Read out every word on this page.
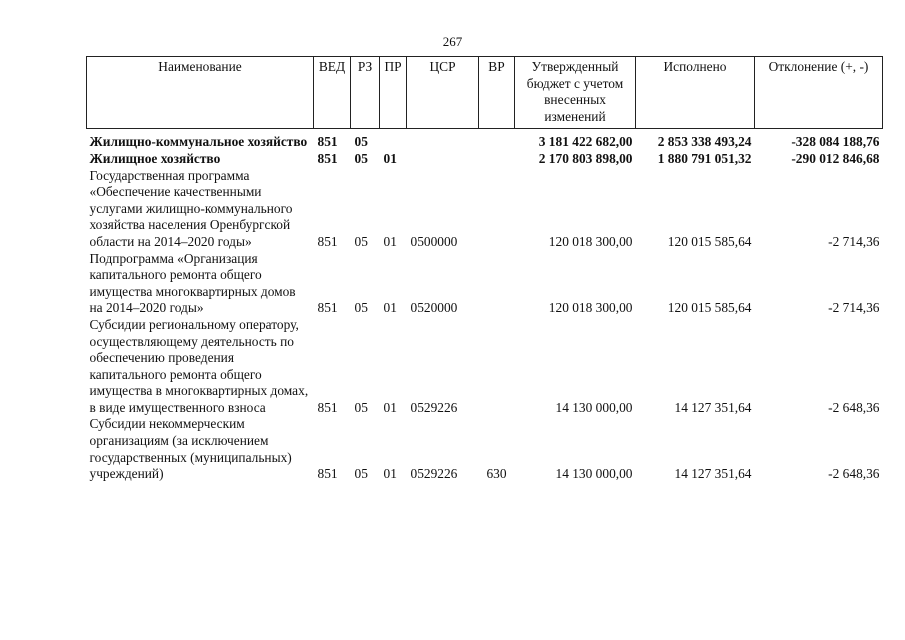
267
Наименование	ВЕД	РЗ	ПР	ЦСР	ВР	Утвержденный бюджет с учетом внесенных изменений	Исполнено	Отклонение (+, -)
Жилищно-коммунальное хозяйство	851	05				3 181 422 682,00	2 853 338 493,24	-328 084 188,76
Жилищное хозяйство	851	05	01			2 170 803 898,00	1 880 791 051,32	-290 012 846,68
Государственная программа «Обеспечение качественными услугами жилищно-коммунального хозяйства населения Оренбургской области на 2014–2020 годы»	851	05	01	0500000		120 018 300,00	120 015 585,64	-2 714,36
Подпрограмма «Организация капитального ремонта общего имущества многоквартирных домов на 2014–2020 годы»	851	05	01	0520000		120 018 300,00	120 015 585,64	-2 714,36
Субсидии региональному оператору, осуществляющему деятельность по обеспечению проведения капитального ремонта общего имущества в многоквартирных домах, в виде имущественного взноса	851	05	01	0529226		14 130 000,00	14 127 351,64	-2 648,36
Субсидии некоммерческим организациям (за исключением государственных (муниципальных) учреждений)	851	05	01	0529226	630	14 130 000,00	14 127 351,64	-2 648,36
